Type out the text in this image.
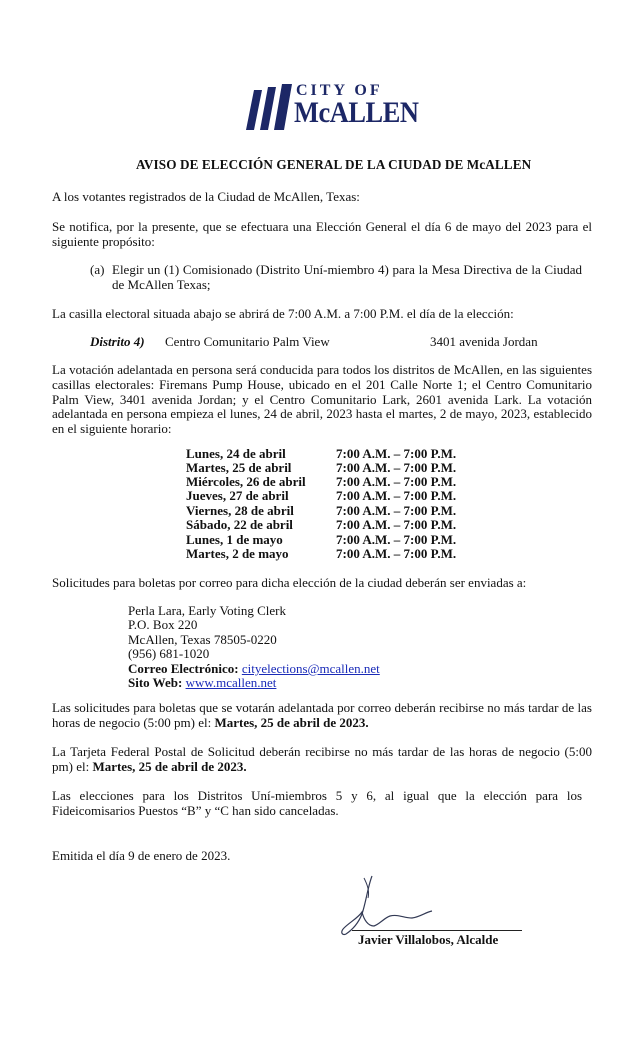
CITY OF
McALLEN
AVISO DE ELECCIÓN GENERAL DE LA CIUDAD DE McALLEN
A los votantes registrados de la Ciudad de McAllen, Texas:
Se notifica, por la presente, que se efectuara una Elección General el día 6 de mayo del 2023 para el siguiente propósito:
(a) Elegir un (1) Comisionado (Distrito Uní-miembro 4) para la Mesa Directiva de la Ciudad de McAllen Texas;
La casilla electoral situada abajo se abrirá de 7:00 A.M. a 7:00 P.M. el día de la elección:
Distrito 4) Centro Comunitario Palm View	3401 avenida Jordan
La votación adelantada en persona será conducida para todos los distritos de McAllen, en las siguientes casillas electorales: Firemans Pump House, ubicado en el 201 Calle Norte 1; el Centro Comunitario Palm View, 3401 avenida Jordan; y el Centro Comunitario Lark, 2601 avenida Lark. La votación adelantada en persona empieza el lunes, 24 de abril, 2023 hasta el martes, 2 de mayo, 2023, establecido en el siguiente horario:
Lunes, 24 de abril	7:00 A.M. – 7:00 P.M.
Martes, 25 de abril	7:00 A.M. – 7:00 P.M.
Miércoles, 26 de abril 7:00 A.M. – 7:00 P.M.
Jueves, 27 de abril	7:00 A.M. – 7:00 P.M.
Viernes, 28 de abril	7:00 A.M. – 7:00 P.M.
Sábado, 22 de abril	7:00 A.M. – 7:00 P.M.
Lunes, 1 de mayo	7:00 A.M. – 7:00 P.M.
Martes, 2 de mayo	7:00 A.M. – 7:00 P.M.
Solicitudes para boletas por correo para dicha elección de la ciudad deberán ser enviadas a:
Perla Lara, Early Voting Clerk
P.O. Box 220
McAllen, Texas 78505-0220
(956) 681-1020
Correo Electrónico: cityelections@mcallen.net
Sito Web: www.mcallen.net
Las solicitudes para boletas que se votarán adelantada por correo deberán recibirse no más tardar de las horas de negocio (5:00 pm) el: Martes, 25 de abril de 2023.
La Tarjeta Federal Postal de Solicitud deberán recibirse no más tardar de las horas de negocio (5:00 pm) el: Martes, 25 de abril de 2023.
Las elecciones para los Distritos Uní-miembros 5 y 6, al igual que la elección para los Fideicomisarios Puestos “B” y “C han sido canceladas.
Emitida el día 9 de enero de 2023.
Javier Villalobos, Alcalde
